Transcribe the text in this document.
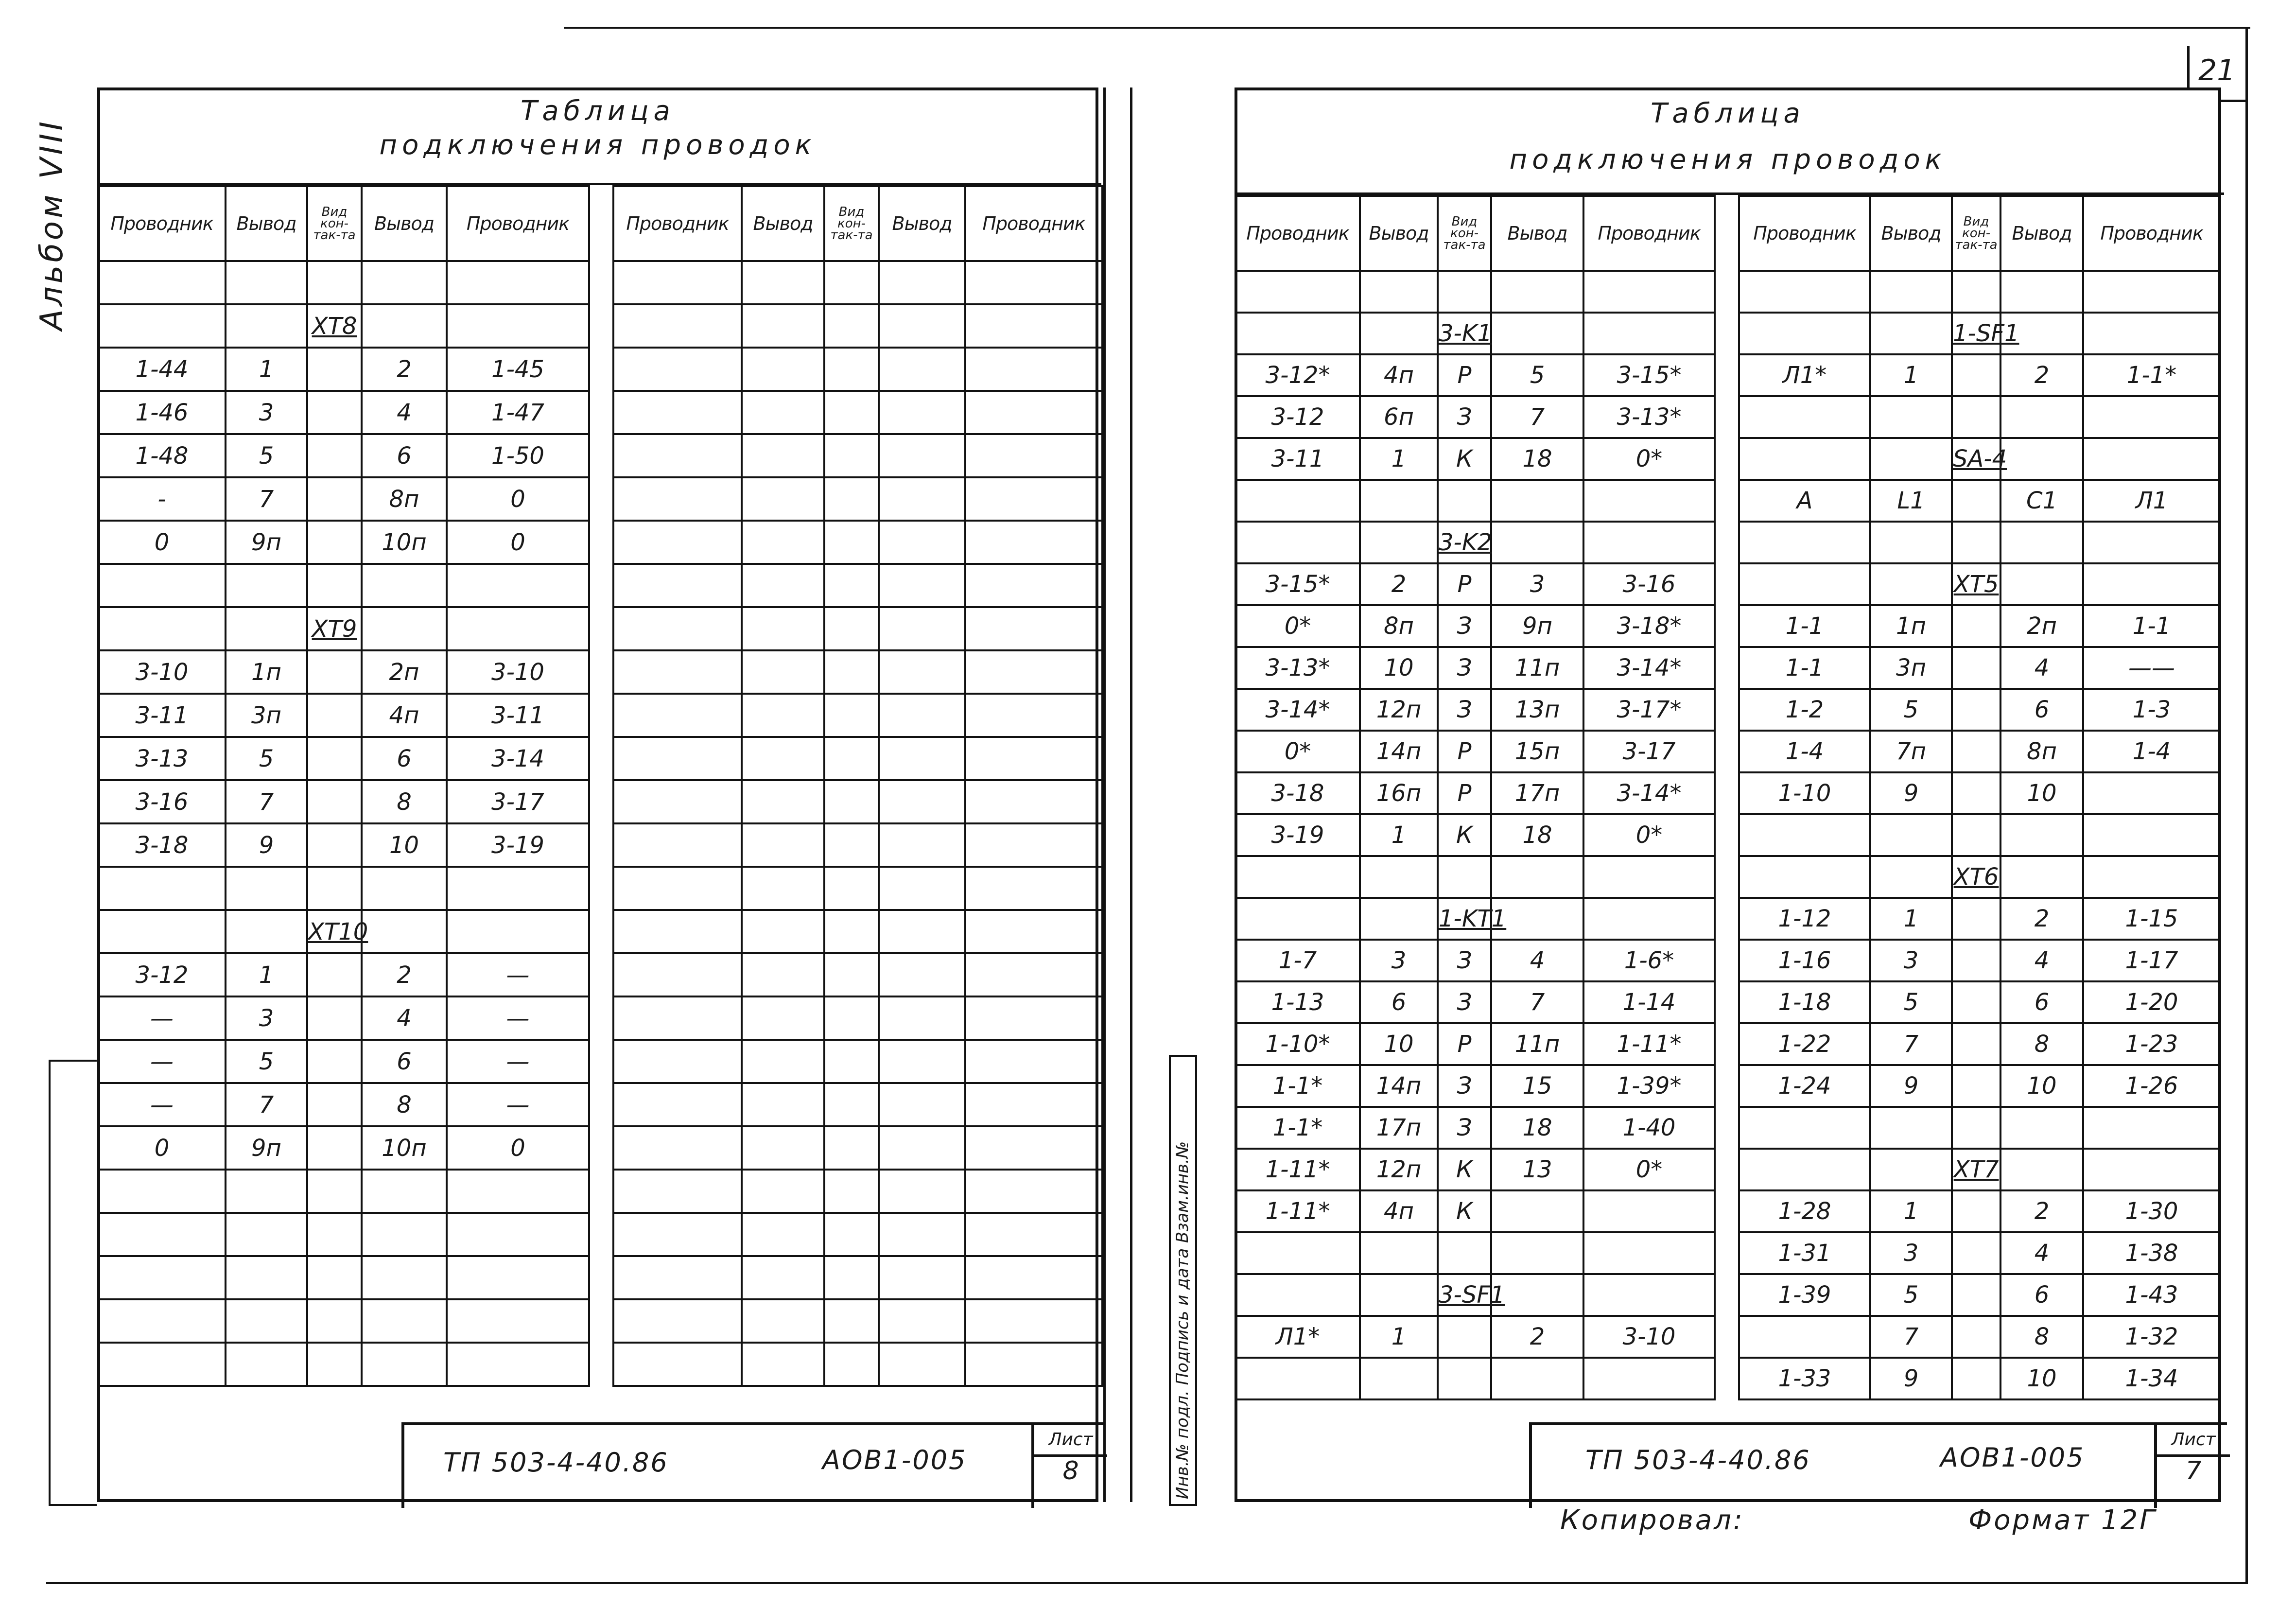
21
Альбом VIII
Таблица
подключения проводок
Проводник	Вывод	Вид кон-так-та	Вывод	Проводник

		XT8		
1-44	1		2	1-45
1-46	3		4	1-47
1-48	5		6	1-50
-	7		8п	0
0	9п		10п	0

		XT9		
3-10	1п		2п	3-10
3-11	3п		4п	3-11
3-13	5		6	3-14
3-16	7		8	3-17
3-18	9		10	3-19

		XT10		
3-12	1		2	—
—	3		4	—
—	5		6	—
—	7		8	—
0	9п		10п	0

Проводник	Вывод	Вид кон-так-та	Вывод	Проводник

ТП 503-4-40.86	АОВ1-005
Лист
8	Инв.№ подл. Подпись и дата Взам.инв.№
Таблица
подключения проводок
Проводник	Вывод	Вид кон-так-та	Вывод	Проводник

		3-K1		
3-12*	4п	Р	5	3-15*
3-12	6п	З	7	3-13*
3-11	1	К	18	0*

		3-K2		
3-15*	2	Р	3	3-16
0*	8п	З	9п	3-18*
3-13*	10	З	11п	3-14*
3-14*	12п	З	13п	3-17*
0*	14п	Р	15п	3-17
3-18	16п	Р	17п	3-14*
3-19	1	К	18	0*

		1-KT1		
1-7	3	З	4	1-6*
1-13	6	З	7	1-14
1-10*	10	Р	11п	1-11*
1-1*	14п	З	15	1-39*
1-1*	17п	З	18	1-40
1-11*	12п	К	13	0*
1-11*	4п	К		

		3-SF1		
Л1*	1		2	3-10

Проводник	Вывод	Вид кон-так-та	Вывод	Проводник

		1-SF1		
Л1*	1		2	1-1*

		SA-4		
А	L1		C1	Л1

		XT5		
1-1	1п		2п	1-1
1-1	3п		4	——
1-2	5		6	1-3
1-4	7п		8п	1-4
1-10	9		10	

		XT6		
1-12	1		2	1-15
1-16	3		4	1-17
1-18	5		6	1-20
1-22	7		8	1-23
1-24	9		10	1-26

		XT7		
1-28	1		2	1-30
1-31	3		4	1-38
1-39	5		6	1-43
	7		8	1-32
1-33	9		10	1-34
ТП 503-4-40.86	АОВ1-005
Лист
7
Копировал:	Формат 12Г
